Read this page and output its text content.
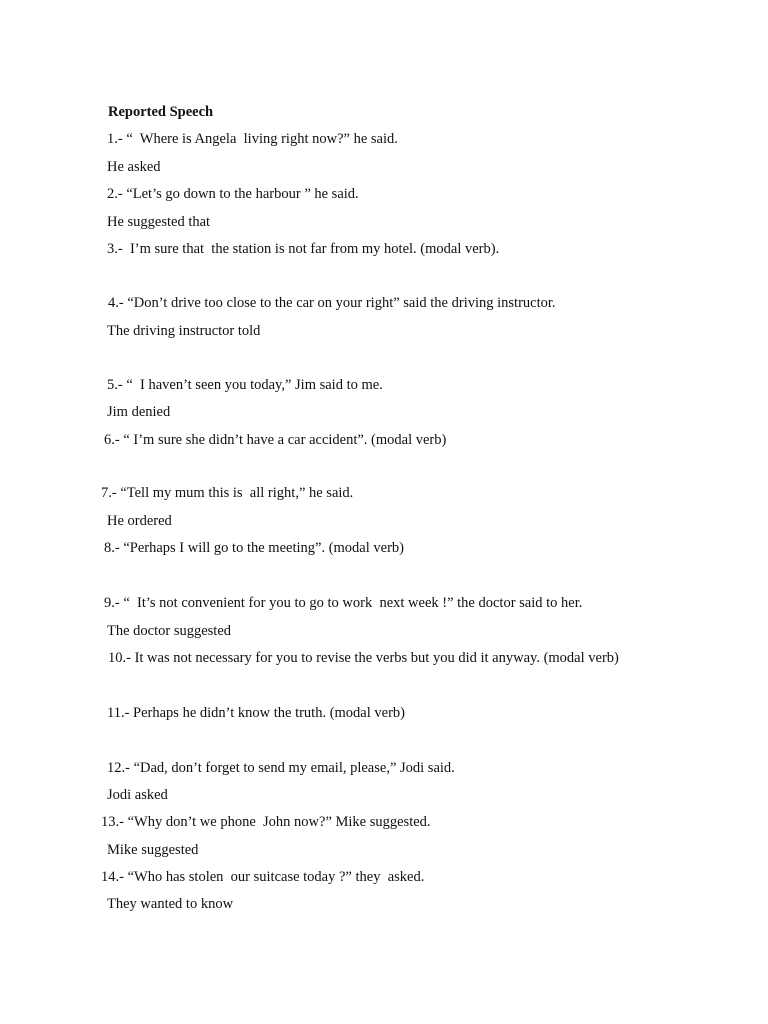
Reported Speech
1.- “  Where is Angela  living right now?” he said.
He asked
2.- “Let’s go down to the harbour ” he said.
He suggested that
3.-  I’m sure that  the station is not far from my hotel. (modal verb).
4.- “Don’t drive too close to the car on your right” said the driving instructor.
The driving instructor told
5.- “  I haven’t seen you today,” Jim said to me.
Jim denied
6.- “ I’m sure she didn’t have a car accident”. (modal verb)
7.- “Tell my mum this is  all right,” he said.
He ordered
8.- “Perhaps I will go to the meeting”. (modal verb)
9.- “  It’s not convenient for you to go to work  next week !” the doctor said to her.
The doctor suggested
10.- It was not necessary for you to revise the verbs but you did it anyway. (modal verb)
11.- Perhaps he didn’t know the truth. (modal verb)
12.- “Dad, don’t forget to send my email, please,” Jodi said.
Jodi asked
13.- “Why don’t we phone  John now?” Mike suggested.
Mike suggested
14.- “Who has stolen  our suitcase today ?” they  asked.
They wanted to know
